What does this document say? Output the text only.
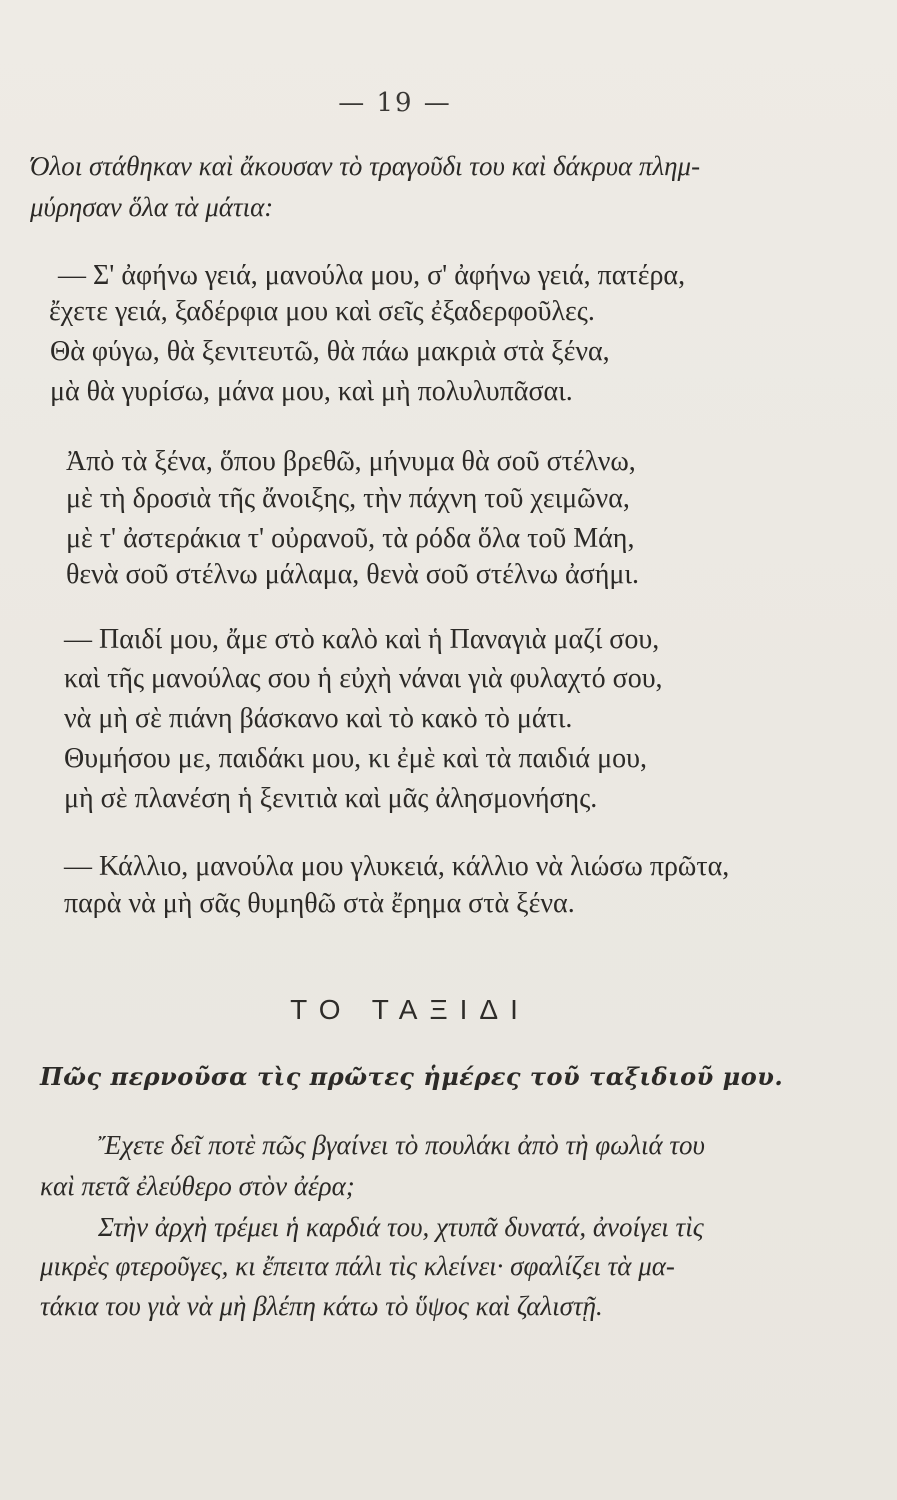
— 19 —
Όλοι στάθηκαν καὶ ἄκουσαν τὸ τραγοῦδι του καὶ δάκρυα πλημ-
μύρησαν ὅλα τὰ μάτια:
— Σ' ἀφήνω γειά, μανούλα μου, σ' ἀφήνω γειά, πατέρα,
ἔχετε γειά, ξαδέρφια μου καὶ σεῖς ἐξαδερφοῦλες.
Θὰ φύγω, θὰ ξενιτευτῶ, θὰ πάω μακριὰ στὰ ξένα,
μὰ θὰ γυρίσω, μάνα μου, καὶ μὴ πολυλυπᾶσαι.
Ἀπὸ τὰ ξένα, ὅπου βρεθῶ, μήνυμα θὰ σοῦ στέλνω,
μὲ τὴ δροσιὰ τῆς ἄνοιξης, τὴν πάχνη τοῦ χειμῶνα,
μὲ τ' ἀστεράκια τ' οὐρανοῦ, τὰ ρόδα ὅλα τοῦ Μάη,
θενὰ σοῦ στέλνω μάλαμα, θενὰ σοῦ στέλνω ἀσήμι.
— Παιδί μου, ἄμε στὸ καλὸ καὶ ἡ Παναγιὰ μαζί σου,
καὶ τῆς μανούλας σου ἡ εὐχὴ νάναι γιὰ φυλαχτό σου,
νὰ μὴ σὲ πιάνη βάσκανο καὶ τὸ κακὸ τὸ μάτι.
Θυμήσου με, παιδάκι μου, κι ἐμὲ καὶ τὰ παιδιά μου,
μὴ σὲ πλανέση ἡ ξενιτιὰ καὶ μᾶς ἀλησμονήσης.
— Κάλλιο, μανούλα μου γλυκειά, κάλλιο νὰ λιώσω πρῶτα,
παρὰ νὰ μὴ σᾶς θυμηθῶ στὰ ἔρημα στὰ ξένα.
ΤΟ ΤΑΞΙΔΙ
Πῶς περνοῦσα τὶς πρῶτες ἡμέρες τοῦ ταξιδιοῦ μου.
Ἔχετε δεῖ ποτὲ πῶς βγαίνει τὸ πουλάκι ἀπὸ τὴ φωλιά του
καὶ πετᾶ ἐλεύθερο στὸν ἀέρα;
Στὴν ἀρχὴ τρέμει ἡ καρδιά του, χτυπᾶ δυνατά, ἀνοίγει τὶς
μικρὲς φτεροῦγες, κι ἔπειτα πάλι τὶς κλείνει· σφαλίζει τὰ μα-
τάκια του γιὰ νὰ μὴ βλέπη κάτω τὸ ὕψος καὶ ζαλιστῇ.
